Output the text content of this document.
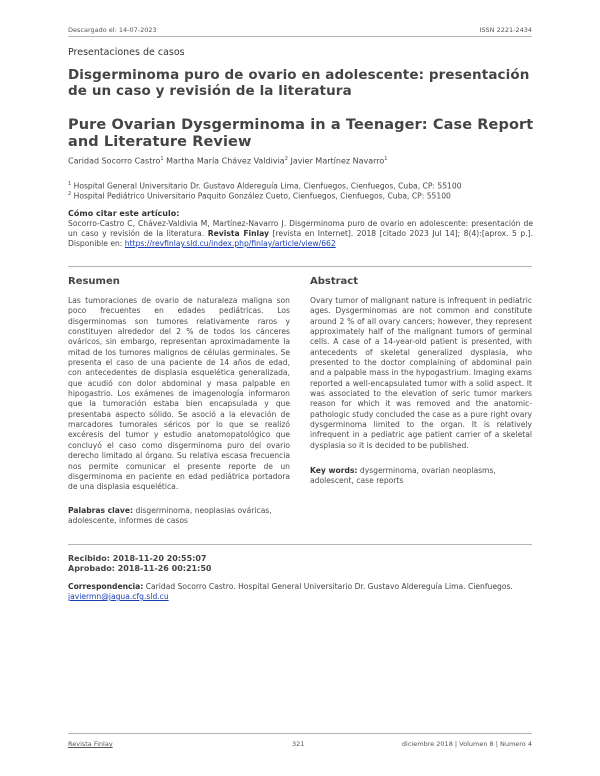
Descargado el: 14-07-2023	ISSN 2221-2434
Presentaciones de casos
Disgerminoma puro de ovario en adolescente: presentación de un caso y revisión de la literatura
Pure Ovarian Dysgerminoma in a Teenager: Case Report and Literature Review
Caridad Socorro Castro$^1$ Martha María Chávez Valdivia$^2$ Javier Martínez Navarro$^1$
$^1$ Hospital General Universitario Dr. Gustavo Aldereguía Lima, Cienfuegos, Cienfuegos, Cuba, CP: 55100
$^2$ Hospital Pediátrico Universitario Paquito González Cueto, Cienfuegos, Cienfuegos, Cuba, CP: 55100
Cómo citar este artículo:
Socorro-Castro C, Chávez-Valdivia M, Martínez-Navarro J. Disgerminoma puro de ovario en adolescente: presentación de un caso y revisión de la literatura. Revista Finlay [revista en Internet]. 2018 [citado 2023 Jul 14]; 8(4):[aprox. 5 p.]. Disponible en: https://revfinlay.sld.cu/index.php/finlay/article/view/662
Resumen
Las tumoraciones de ovario de naturaleza maligna son poco frecuentes en edades pediátricas. Los disgerminomas son tumores relativamente raros y constituyen alrededor del 2 % de todos los cánceres ováricos, sin embargo, representan aproximadamente la mitad de los tumores malignos de células germinales. Se presenta el caso de una paciente de 14 años de edad, con antecedentes de displasia esquelética generalizada, que acudió con dolor abdominal y masa palpable en hipogastrio. Los exámenes de imagenología informaron que la tumoración estaba bien encapsulada y que presentaba aspecto sólido. Se asoció a la elevación de marcadores tumorales séricos por lo que se realizó excéresis del tumor y estudio anatomopatológico que concluyó el caso como disgerminoma puro del ovario derecho limitado al órgano. Su relativa escasa frecuencia nos permite comunicar el presente reporte de un disgerminoma en paciente en edad pediátrica portadora de una displasia esquelética.
Palabras clave: disgerminoma, neoplasias ováricas, adolescente, informes de casos
Abstract
Ovary tumor of malignant nature is infrequent in pediatric ages. Dysgerminomas are not common and constitute around 2 % of all ovary cancers; however, they represent approximately half of the malignant tumors of germinal cells. A case of a 14-year-old patient is presented, with antecedents of skeletal generalized dysplasia, who presented to the doctor complaining of abdominal pain and a palpable mass in the hypogastrium. Imaging exams reported a well-encapsulated tumor with a solid aspect. It was associated to the elevation of seric tumor markers reason for which it was removed and the anatomic-pathologic study concluded the case as a pure right ovary dysgerminoma limited to the organ. It is relatively infrequent in a pediatric age patient carrier of a skeletal dysplasia so it is decided to be published.
Key words: dysgerminoma, ovarian neoplasms, adolescent, case reports
Recibido: 2018-11-20 20:55:07
Aprobado: 2018-11-26 00:21:50
Correspondencia: Caridad Socorro Castro. Hospital General Universitario Dr. Gustavo Aldereguía Lima. Cienfuegos. javiermn@jagua.cfg.sld.cu
Revista Finlay	321	diciembre 2018 | Volumen 8 | Numero 4
